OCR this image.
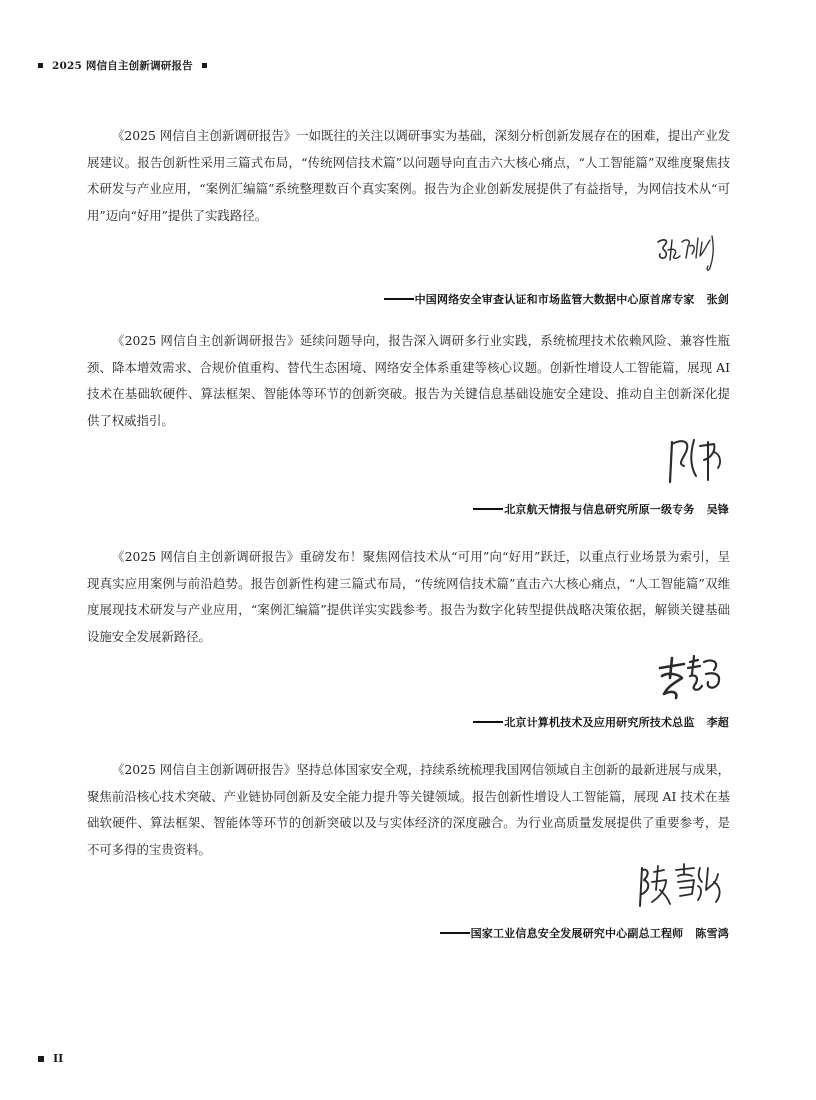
2025 网信自主创新调研报告

《2025 网信自主创新调研报告》一如既往的关注以调研事实为基础，深刻分析创新发展存在的困难，提出产业发展建议。报告创新性采用三篇式布局，“传统网信技术篇”以问题导向直击六大核心痛点，“人工智能篇”双维度聚焦技术研发与产业应用，“案例汇编篇”系统整理数百个真实案例。报告为企业创新发展提供了有益指导，为网信技术从“可用”迈向“好用”提供了实践路径。

中国网络安全审查认证和市场监管大数据中心原首席专家 张剑

《2025 网信自主创新调研报告》延续问题导向，报告深入调研多行业实践，系统梳理技术依赖风险、兼容性瓶颈、降本增效需求、合规价值重构、替代生态困境、网络安全体系重建等核心议题。创新性增设人工智能篇，展现 AI 技术在基础软硬件、算法框架、智能体等环节的创新突破。报告为关键信息基础设施安全建设、推动自主创新深化提供了权威指引。

北京航天情报与信息研究所原一级专务 吴锋

《2025 网信自主创新调研报告》重磅发布！聚焦网信技术从“可用”向“好用”跃迁，以重点行业场景为索引，呈现真实应用案例与前沿趋势。报告创新性构建三篇式布局，“传统网信技术篇”直击六大核心痛点，“人工智能篇”双维度展现技术研发与产业应用，“案例汇编篇”提供详实实践参考。报告为数字化转型提供战略决策依据，解锁关键基础设施安全发展新路径。

北京计算机技术及应用研究所技术总监 李超

《2025 网信自主创新调研报告》坚持总体国家安全观，持续系统梳理我国网信领域自主创新的最新进展与成果，聚焦前沿核心技术突破、产业链协同创新及安全能力提升等关键领域。报告创新性增设人工智能篇，展现 AI 技术在基础软硬件、算法框架、智能体等环节的创新突破以及与实体经济的深度融合。为行业高质量发展提供了重要参考，是不可多得的宝贵资料。

国家工业信息安全发展研究中心副总工程师 陈雪鸿
II
